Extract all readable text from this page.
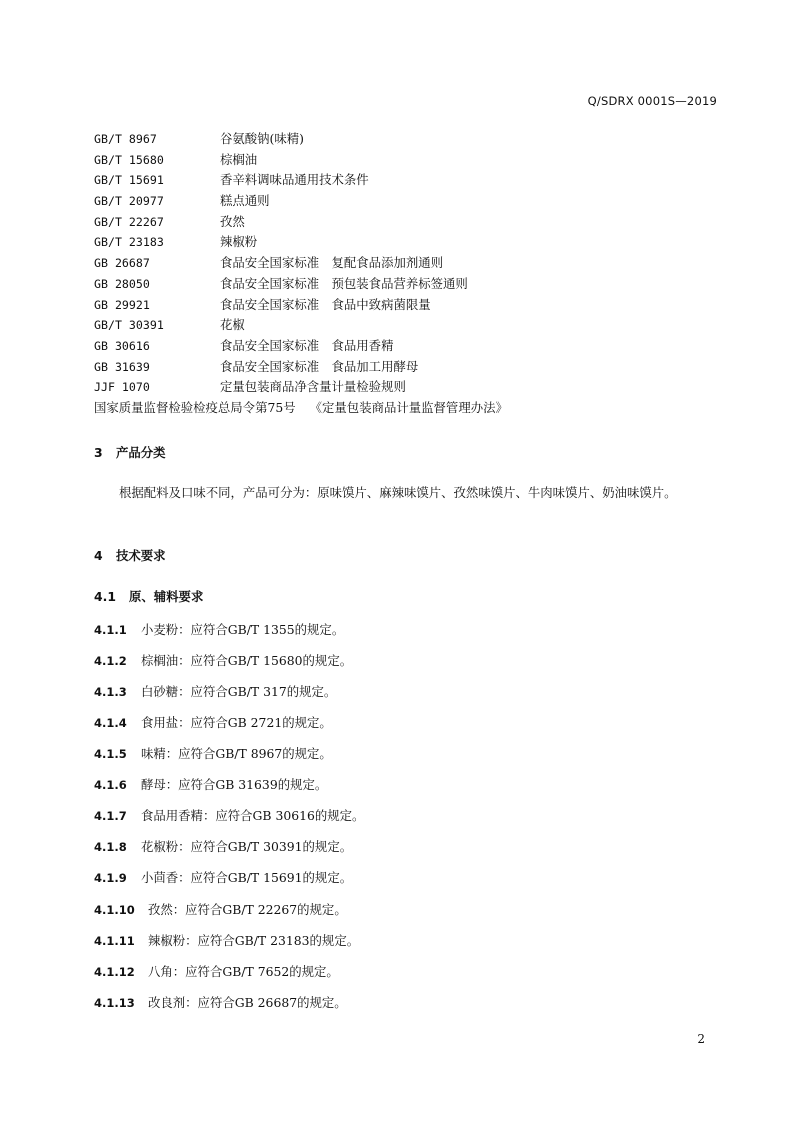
Q/SDRX 0001S—2019
GB/T 8967	谷氨酸钠(味精)
GB/T 15680	棕榈油
GB/T 15691	香辛料调味品通用技术条件
GB/T 20977	糕点通则
GB/T 22267	孜然
GB/T 23183	辣椒粉
GB 26687	食品安全国家标准　复配食品添加剂通则
GB 28050	食品安全国家标准　预包装食品营养标签通则
GB 29921	食品安全国家标准　食品中致病菌限量
GB/T 30391	花椒
GB 30616	食品安全国家标准　食品用香精
GB 31639	食品安全国家标准　食品加工用酵母
JJF 1070	定量包装商品净含量计量检验规则
国家质量监督检验检疫总局令第75号 《定量包装商品计量监督管理办法》
3 产品分类
根据配料及口味不同，产品可分为：原味馍片、麻辣味馍片、孜然味馍片、牛肉味馍片、奶油味馍片。
4 技术要求
4.1 原、辅料要求
4.1.1 小麦粉：应符合GB/T 1355的规定。
4.1.2 棕榈油：应符合GB/T 15680的规定。
4.1.3 白砂糖：应符合GB/T 317的规定。
4.1.4 食用盐：应符合GB 2721的规定。
4.1.5 味精：应符合GB/T 8967的规定。
4.1.6 酵母：应符合GB 31639的规定。
4.1.7 食品用香精：应符合GB 30616的规定。
4.1.8 花椒粉：应符合GB/T 30391的规定。
4.1.9 小茴香：应符合GB/T 15691的规定。
4.1.10 孜然：应符合GB/T 22267的规定。
4.1.11 辣椒粉：应符合GB/T 23183的规定。
4.1.12 八角：应符合GB/T 7652的规定。
4.1.13 改良剂：应符合GB 26687的规定。
2
